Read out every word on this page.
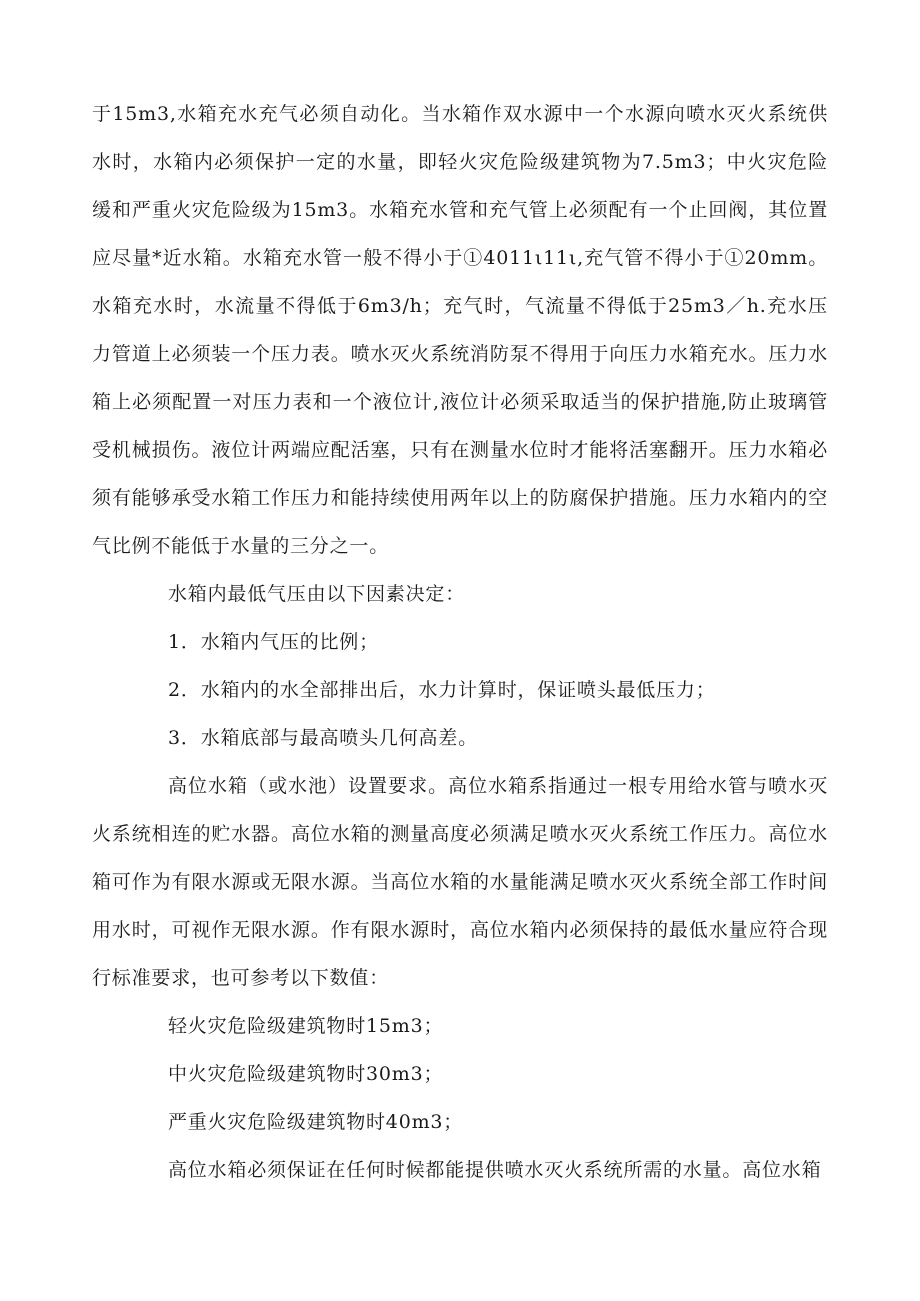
于15m3,水箱充水充气必须自动化。当水箱作双水源中一个水源向喷水灭火系统供水时，水箱内必须保护一定的水量，即轻火灾危险级建筑物为7.5m3；中火灾危险缓和严重火灾危险级为15m3。水箱充水管和充气管上必须配有一个止回阀，其位置应尽量*近水箱。水箱充水管一般不得小于①4011ι11ι,充气管不得小于①20mm。水箱充水时，水流量不得低于6m3/h；充气时，气流量不得低于25m3／h.充水压力管道上必须装一个压力表。喷水灭火系统消防泵不得用于向压力水箱充水。压力水箱上必须配置一对压力表和一个液位计,液位计必须采取适当的保护措施,防止玻璃管受机械损伤。液位计两端应配活塞，只有在测量水位时才能将活塞翻开。压力水箱必须有能够承受水箱工作压力和能持续使用两年以上的防腐保护措施。压力水箱内的空气比例不能低于水量的三分之一。

水箱内最低气压由以下因素决定：

1．水箱内气压的比例；

2．水箱内的水全部排出后，水力计算时，保证喷头最低压力；

3．水箱底部与最高喷头几何高差。

高位水箱（或水池）设置要求。高位水箱系指通过一根专用给水管与喷水灭火系统相连的贮水器。高位水箱的测量高度必须满足喷水灭火系统工作压力。高位水箱可作为有限水源或无限水源。当高位水箱的水量能满足喷水灭火系统全部工作时间用水时，可视作无限水源。作有限水源时，高位水箱内必须保持的最低水量应符合现行标准要求，也可参考以下数值：

轻火灾危险级建筑物时15m3；

中火灾危险级建筑物时30m3；

严重火灾危险级建筑物时40m3；

高位水箱必须保证在任何时候都能提供喷水灭火系统所需的水量。高位水箱
